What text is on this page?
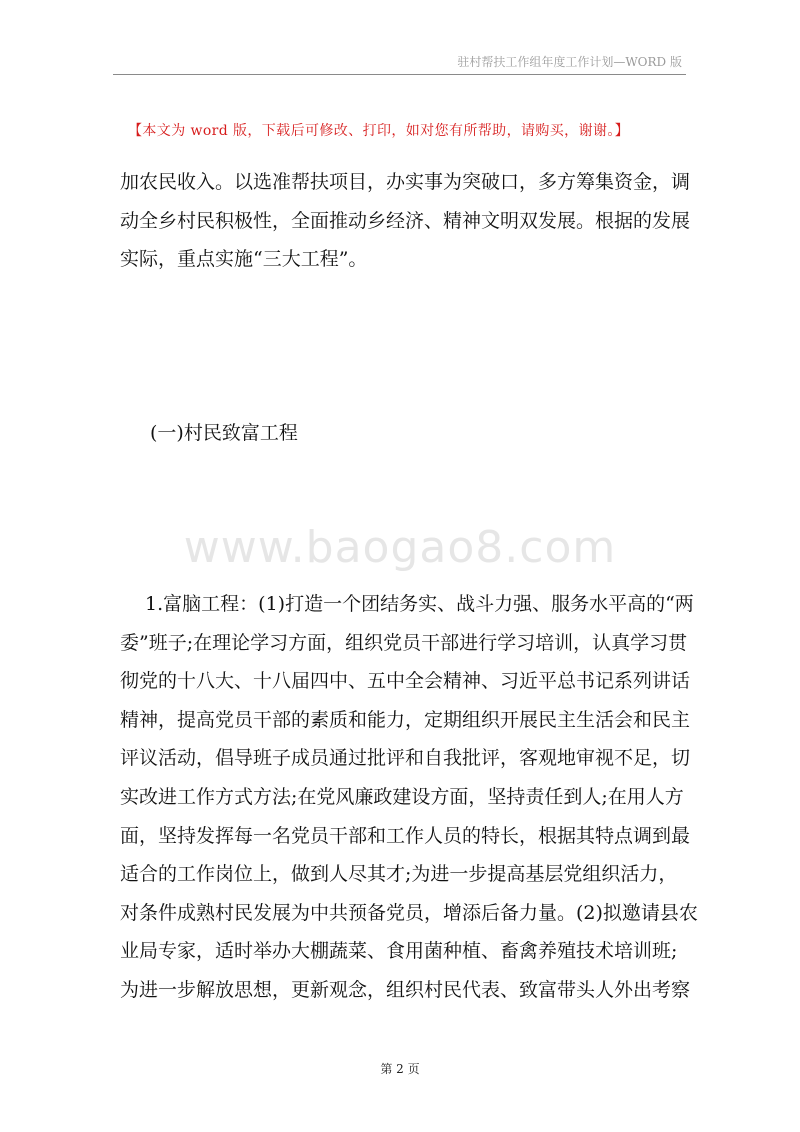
驻村帮扶工作组年度工作计划—WORD 版
【本文为 word 版，下载后可修改、打印，如对您有所帮助，请购买，谢谢。】
加农民收入。以选准帮扶项目，办实事为突破口，多方筹集资金，调
动全乡村民积极性，全面推动乡经济、精神文明双发展。根据的发展
实际，重点实施“三大工程”。
(一)村民致富工程
www.baogao8.com
　 1.富脑工程：(1)打造一个团结务实、战斗力强、服务水平高的“两
委”班子;在理论学习方面，组织党员干部进行学习培训，认真学习贯
彻党的十八大、十八届四中、五中全会精神、习近平总书记系列讲话
精神，提高党员干部的素质和能力，定期组织开展民主生活会和民主
评议活动，倡导班子成员通过批评和自我批评，客观地审视不足，切
实改进工作方式方法;在党风廉政建设方面，坚持责任到人;在用人方
面，坚持发挥每一名党员干部和工作人员的特长，根据其特点调到最
适合的工作岗位上，做到人尽其才;为进一步提高基层党组织活力，
对条件成熟村民发展为中共预备党员，增添后备力量。(2)拟邀请县农
业局专家，适时举办大棚蔬菜、食用菌种植、畜禽养殖技术培训班;
为进一步解放思想，更新观念，组织村民代表、致富带头人外出考察
第 2 页
